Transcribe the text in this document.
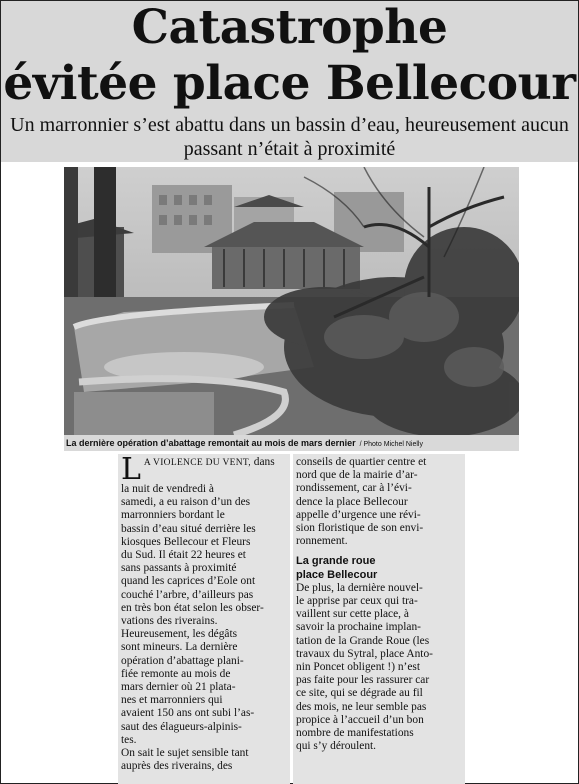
Catastrophe
évitée place Bellecour

Un marronnier s’est abattu dans un bassin d’eau, heureusement aucun passant n’était à proximité

La dernière opération d’abattage remontait au mois de mars dernier / Photo Michel Nielly

L A VIOLENCE DU VENT, dans

la nuit de vendredi à

samedi, a eu raison d’un des

marronniers bordant le

bassin d’eau situé derrière les

kiosques Bellecour et Fleurs

du Sud. Il était 22 heures et

sans passants à proximité

quand les caprices d’Eole ont

couché l’arbre, d’ailleurs pas

en très bon état selon les obser-

vations des riverains.

Heureusement, les dégâts

sont mineurs. La dernière

opération d’abattage plani-

fiée remonte au mois de

mars dernier où 21 plata-

nes et marronniers qui

avaient 150 ans ont subi l’as-

saut des élagueurs-alpinis-

tes.

On sait le sujet sensible tant

auprès des riverains, des

conseils de quartier centre et

nord que de la mairie d’ar-

rondissement, car à l’évi-

dence la place Bellecour

appelle d’urgence une révi-

sion floristique de son envi-

ronnement.

La grande roue

place Bellecour

De plus, la dernière nouvel-

le apprise par ceux qui tra-

vaillent sur cette place, à

savoir la prochaine implan-

tation de la Grande Roue (les

travaux du Sytral, place Anto-

nin Poncet obligent !) n’est

pas faite pour les rassurer car

ce site, qui se dégrade au fil

des mois, ne leur semble pas

propice à l’accueil d’un bon

nombre de manifestations

qui s’y déroulent.
